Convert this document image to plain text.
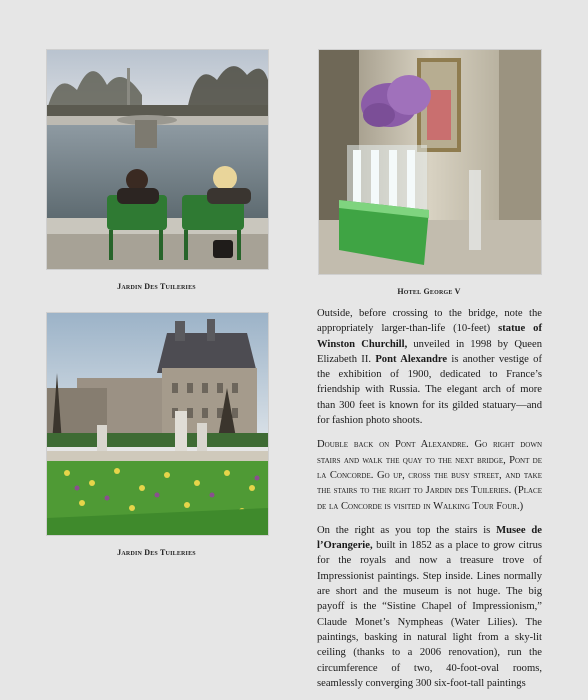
Jardin Des Tuileries
Hotel George V
Jardin Des Tuileries

Outside, before crossing to the bridge, note the appropriately larger-than-life (10-feet) statue of Winston Churchill, unveiled in 1998 by Queen Elizabeth II. Pont Alexandre is another vestige of the exhibition of 1900, dedicated to France’s friendship with Russia. The elegant arch of more than 300 feet is known for its gilded statuary—and for fashion photo shoots.

Double back on Pont Alexandre. Go right down stairs and walk the quay to the next bridge, Pont de la Concorde. Go up, cross the busy street, and take the stairs to the right to Jardin des Tuileries. (Place de la Concorde is visited in Walking Tour Four.)

On the right as you top the stairs is Musee de l’Orangerie, built in 1852 as a place to grow citrus for the royals and now a treasure trove of Impressionist paintings. Step inside. Lines normally are short and the museum is not huge. The big payoff is the “Sistine Chapel of Impressionism,” Claude Monet’s Nympheas (Water Lilies). The paintings, basking in natural light from a sky-lit ceiling (thanks to a 2006 renovation), run the circumference of two, 40-foot-oval rooms, seamlessly converging 300 six-foot-tall paintings
